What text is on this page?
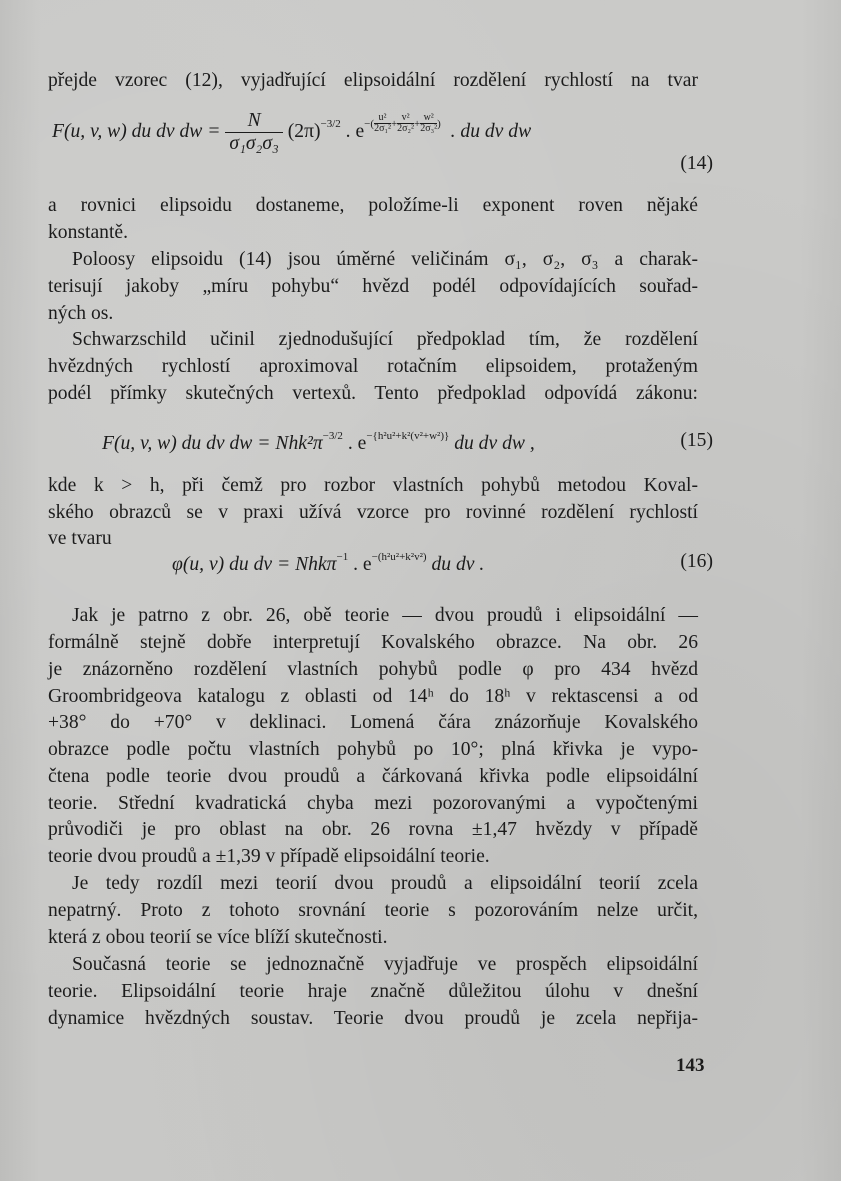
přejde vzorec (12), vyjadřující elipsoidální rozdělení rychlostí na tvar
F(u, v, w) du dv dw = $\frac{N}{\text{σ₁σ₂σ₃}} (2\pi)^{-3/2}$ . $e^{-(} \frac{\text{u²}}{\text{2σ₁²}} ^+ \frac{\text{v²}}{\text{2σ₂²}} ^+ \frac{\text{w²}}{\text{2σ₃²}} ^)$ . du dv dw
(14)
a rovnici elipsoidu dostaneme, položíme-li exponent roven nějaké
konstantě.
Poloosy elipsoidu (14) jsou úměrné veličinám σ₁, σ₂, σ₃ a charak-
terisují jakoby „míru pohybu“ hvězd podél odpovídajících souřad-
ných os.
Schwarzschild učinil zjednodušující předpoklad tím, že rozdělení
hvězdných rychlostí aproximoval rotačním elipsoidem, protaženým
podél přímky skutečných vertexů. Tento předpoklad odpovídá zákonu:
F(u, v, w) du dv dw = $Nhk^2\pi^{-3/2}$ . $e^{-\{h^2u^2+k^2(v^2+w^2)\}}$ du dv dw ,	(15)
kde k > h, při čemž pro rozbor vlastních pohybů metodou Koval-
ského obrazců se v praxi užívá vzorce pro rovinné rozdělení rychlostí
ve tvaru
φ(u, v) du dv = Nhkπ$^{-1}$ . $e^{-(h^2u^2+k^2v^2)}$ du dv .	(16)
Jak je patrno z obr. 26, obě teorie — dvou proudů i elipsoidální —
formálně stejně dobře interpretují Kovalského obrazce. Na obr. 26
je znázorněno rozdělení vlastních pohybů podle φ pro 434 hvězd
Groombridgeova katalogu z oblasti od 14ʰ do 18ʰ v rektascensi a od
+38° do +70° v deklinaci. Lomená čára znázorňuje Kovalského
obrazce podle počtu vlastních pohybů po 10°; plná křivka je vypo-
čtena podle teorie dvou proudů a čárkovaná křivka podle elipsoidální
teorie. Střední kvadratická chyba mezi pozorovanými a vypočtenými
průvodiči je pro oblast na obr. 26 rovna ±1,47 hvězdy v případě
teorie dvou proudů a ±1,39 v případě elipsoidální teorie.
Je tedy rozdíl mezi teorií dvou proudů a elipsoidální teorií zcela
nepatrný. Proto z tohoto srovnání teorie s pozorováním nelze určit,
která z obou teorií se více blíží skutečnosti.
Současná teorie se jednoznačně vyjadřuje ve prospěch elipsoidální
teorie. Elipsoidální teorie hraje značně důležitou úlohu v dnešní
dynamice hvězdných soustav. Teorie dvou proudů je zcela nepřija-
143
